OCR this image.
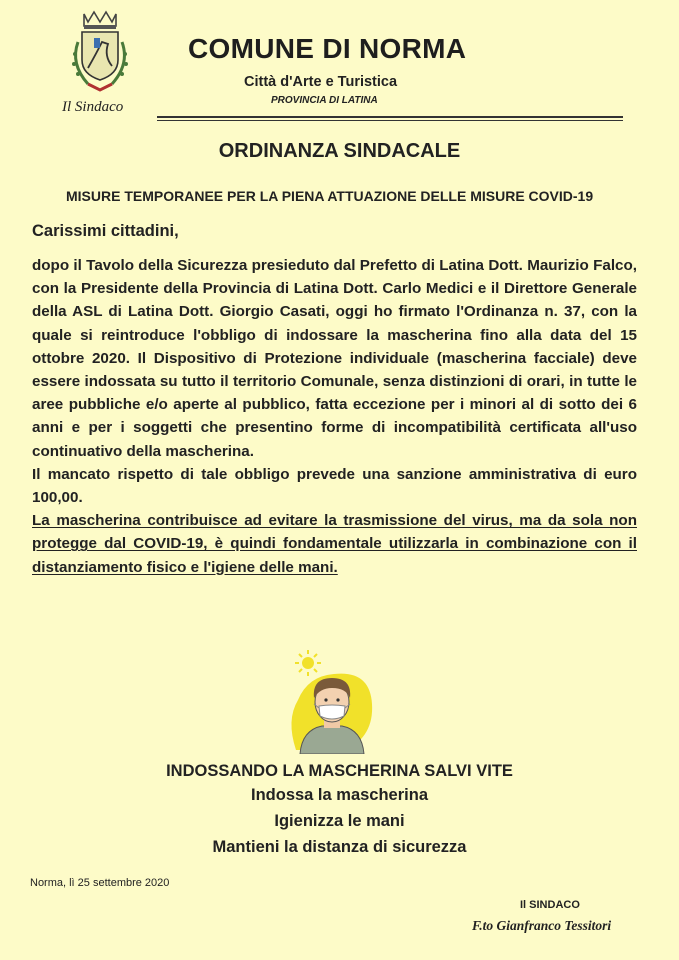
Il Sindaco
COMUNE DI NORMA
Città d'Arte e Turistica
PROVINCIA DI LATINA
ORDINANZA SINDACALE
MISURE TEMPORANEE PER LA PIENA ATTUAZIONE DELLE MISURE COVID-19
Carissimi cittadini,

dopo il Tavolo della Sicurezza presieduto dal Prefetto di Latina Dott. Maurizio Falco, con la Presidente della Provincia di Latina Dott. Carlo Medici e il Direttore Generale della ASL di Latina Dott. Giorgio Casati, oggi ho firmato l'Ordinanza n. 37, con la quale si reintroduce l'obbligo di indossare la mascherina fino alla data del 15 ottobre 2020. Il Dispositivo di Protezione individuale (mascherina facciale) deve essere indossata su tutto il territorio Comunale, senza distinzioni di orari, in tutte le aree pubbliche e/o aperte al pubblico, fatta eccezione per i minori al di sotto dei 6 anni e per i soggetti che presentino forme di incompatibilità certificata all'uso continuativo della mascherina.

Il mancato rispetto di tale obbligo prevede una sanzione amministrativa di euro 100,00.

La mascherina contribuisce ad evitare la trasmissione del virus, ma da sola non protegge dal COVID-19, è quindi fondamentale utilizzarla in combinazione con il distanziamento fisico e l'igiene delle mani.

INDOSSANDO LA MASCHERINA SALVI VITE
Indossa la mascherina
Igienizza le mani
Mantieni la distanza di sicurezza
Norma, lì 25 settembre 2020
Il SINDACO
F.to Gianfranco Tessitori
